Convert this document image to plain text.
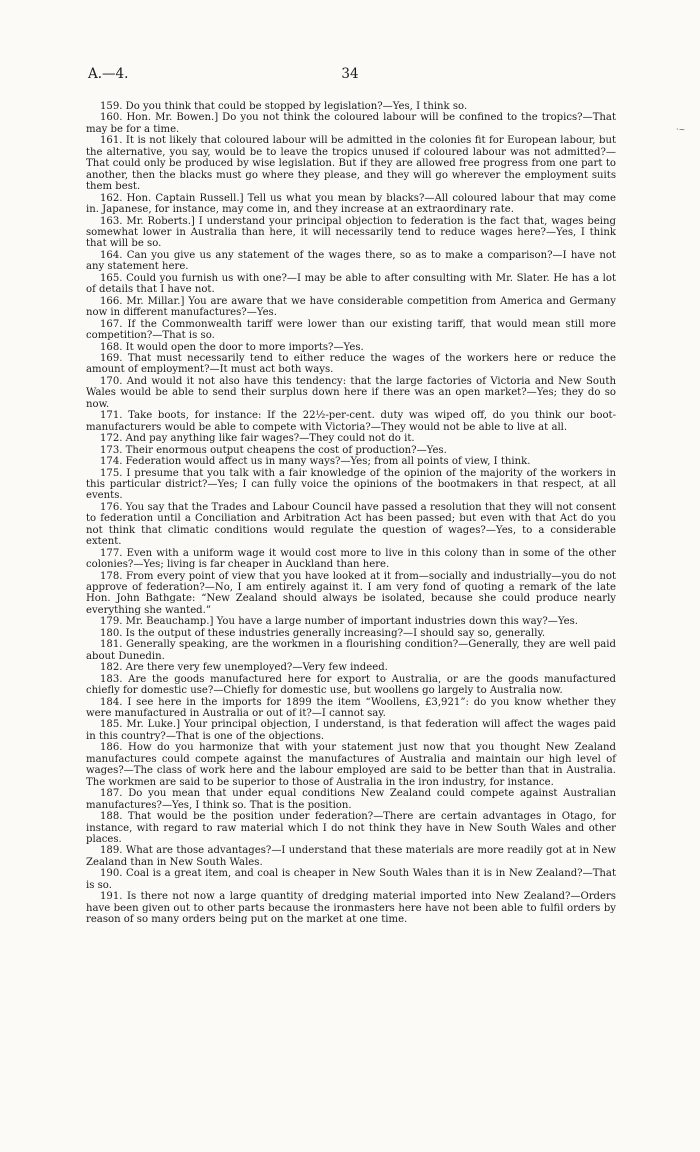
A.—4.	34
·~

159. Do you think that could be stopped by legislation?—Yes, I think so.

160. Hon. Mr. Bowen.] Do you not think the coloured labour will be confined to the tropics?—That may be for a time.

161. It is not likely that coloured labour will be admitted in the colonies fit for European labour, but the alternative, you say, would be to leave the tropics unused if coloured labour was not admitted?—That could only be produced by wise legislation. But if they are allowed free progress from one part to another, then the blacks must go where they please, and they will go wherever the employment suits them best.

162. Hon. Captain Russell.] Tell us what you mean by blacks?—All coloured labour that may come in. Japanese, for instance, may come in, and they increase at an extraordinary rate.

163. Mr. Roberts.] I understand your principal objection to federation is the fact that, wages being somewhat lower in Australia than here, it will necessarily tend to reduce wages here?—Yes, I think that will be so.

164. Can you give us any statement of the wages there, so as to make a comparison?—I have not any statement here.

165. Could you furnish us with one?—I may be able to after consulting with Mr. Slater. He has a lot of details that I have not.

166. Mr. Millar.] You are aware that we have considerable competition from America and Germany now in different manufactures?—Yes.

167. If the Commonwealth tariff were lower than our existing tariff, that would mean still more competition?—That is so.

168. It would open the door to more imports?—Yes.

169. That must necessarily tend to either reduce the wages of the workers here or reduce the amount of employment?—It must act both ways.

170. And would it not also have this tendency: that the large factories of Victoria and New South Wales would be able to send their surplus down here if there was an open market?—Yes; they do so now.

171. Take boots, for instance: If the 22½-per-cent. duty was wiped off, do you think our boot-manufacturers would be able to compete with Victoria?—They would not be able to live at all.

172. And pay anything like fair wages?—They could not do it.

173. Their enormous output cheapens the cost of production?—Yes.

174. Federation would affect us in many ways?—Yes; from all points of view, I think.

175. I presume that you talk with a fair knowledge of the opinion of the majority of the workers in this particular district?—Yes; I can fully voice the opinions of the bootmakers in that respect, at all events.

176. You say that the Trades and Labour Council have passed a resolution that they will not consent to federation until a Conciliation and Arbitration Act has been passed; but even with that Act do you not think that climatic conditions would regulate the question of wages?—Yes, to a considerable extent.

177. Even with a uniform wage it would cost more to live in this colony than in some of the other colonies?—Yes; living is far cheaper in Auckland than here.

178. From every point of view that you have looked at it from—socially and industrially—you do not approve of federation?—No, I am entirely against it. I am very fond of quoting a remark of the late Hon. John Bathgate: “New Zealand should always be isolated, because she could produce nearly everything she wanted.”

179. Mr. Beauchamp.] You have a large number of important industries down this way?—Yes.

180. Is the output of these industries generally increasing?—I should say so, generally.

181. Generally speaking, are the workmen in a flourishing condition?—Generally, they are well paid about Dunedin.

182. Are there very few unemployed?—Very few indeed.

183. Are the goods manufactured here for export to Australia, or are the goods manufactured chiefly for domestic use?—Chiefly for domestic use, but woollens go largely to Australia now.

184. I see here in the imports for 1899 the item “Woollens, £3,921”: do you know whether they were manufactured in Australia or out of it?—I cannot say.

185. Mr. Luke.] Your principal objection, I understand, is that federation will affect the wages paid in this country?—That is one of the objections.

186. How do you harmonize that with your statement just now that you thought New Zealand manufactures could compete against the manufactures of Australia and maintain our high level of wages?—The class of work here and the labour employed are said to be better than that in Australia. The workmen are said to be superior to those of Australia in the iron industry, for instance.

187. Do you mean that under equal conditions New Zealand could compete against Australian manufactures?—Yes, I think so. That is the position.

188. That would be the position under federation?—There are certain advantages in Otago, for instance, with regard to raw material which I do not think they have in New South Wales and other places.

189. What are those advantages?—I understand that these materials are more readily got at in New Zealand than in New South Wales.

190. Coal is a great item, and coal is cheaper in New South Wales than it is in New Zealand?—That is so.

191. Is there not now a large quantity of dredging material imported into New Zealand?—Orders have been given out to other parts because the ironmasters here have not been able to fulfil orders by reason of so many orders being put on the market at one time.
